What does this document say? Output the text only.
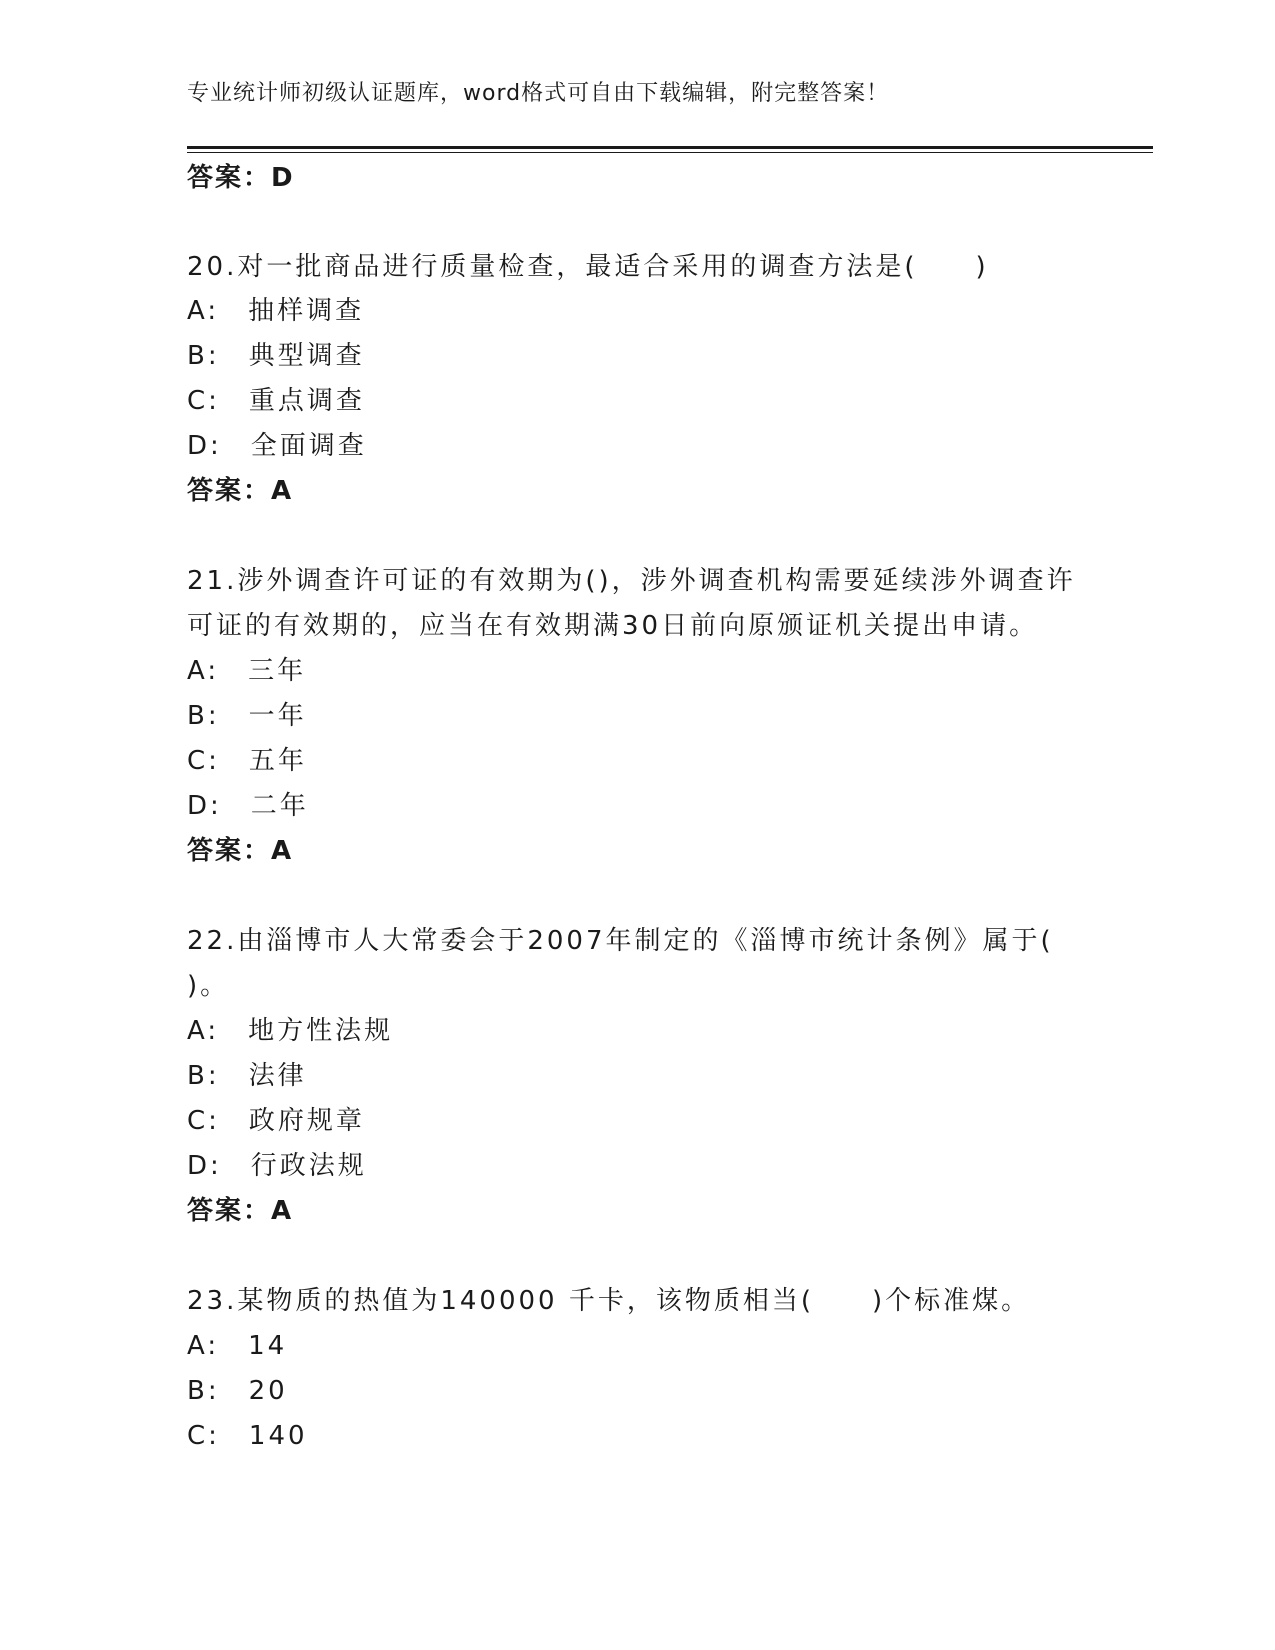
专业统计师初级认证题库，word格式可自由下载编辑，附完整答案！
答案：D
20.对一批商品进行质量检查，最适合采用的调查方法是(　　)
A:　抽样调查
B:　典型调查
C:　重点调查
D:　全面调查
答案：A
21.涉外调查许可证的有效期为()，涉外调查机构需要延续涉外调查许
可证的有效期的，应当在有效期满30日前向原颁证机关提出申请。
A:　三年
B:　一年
C:　五年
D:　二年
答案：A
22.由淄博市人大常委会于2007年制定的《淄博市统计条例》属于(
)。
A:　地方性法规
B:　法律
C:　政府规章
D:　行政法规
答案：A
23.某物质的热值为140000 千卡，该物质相当(　　)个标准煤。
A:　14
B:　20
C:　140
